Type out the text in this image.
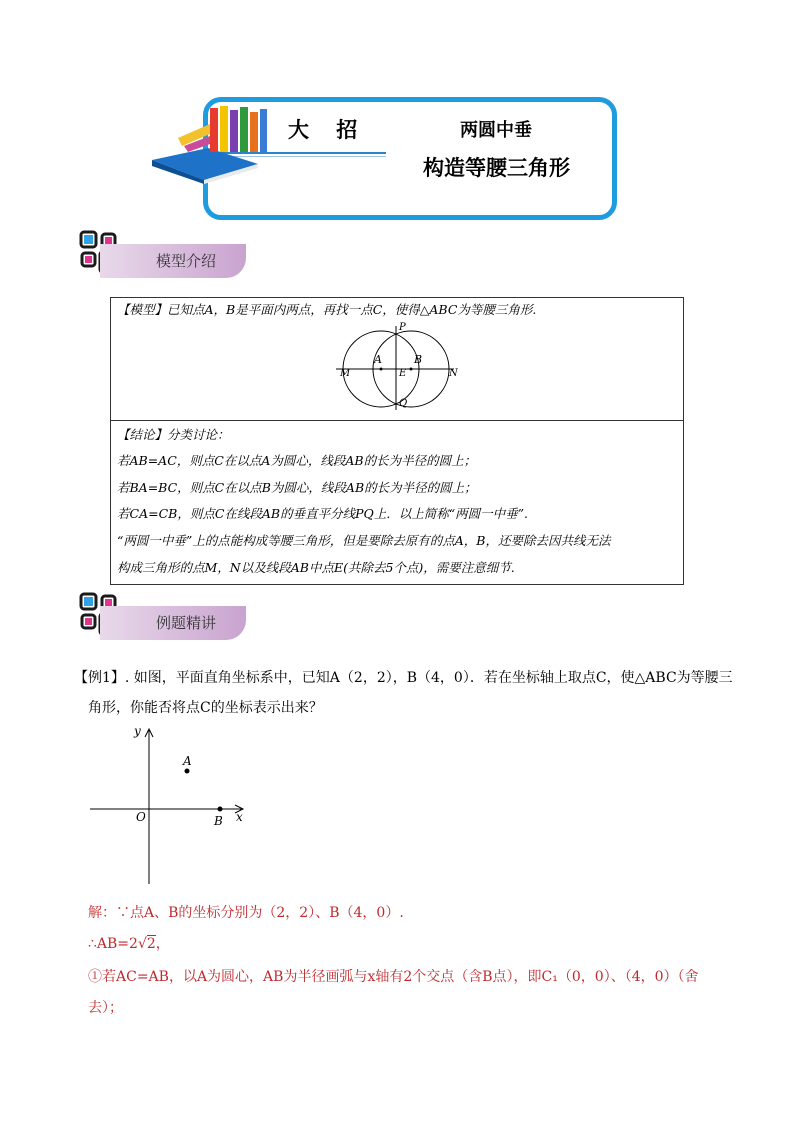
大 招	两圆中垂
构造等腰三角形
模型介绍
【模型】已知点A，B是平面内两点，再找一点C，使得△ABC为等腰三角形.
P
A	B
M	E	N
Q
【结论】分类讨论：
若AB=AC，则点C在以点A为圆心，线段AB的长为半径的圆上；
若BA=BC，则点C在以点B为圆心，线段AB的长为半径的圆上；
若CA=CB，则点C在线段AB的垂直平分线PQ上．以上简称“两圆一中垂”.
“两圆一中垂”上的点能构成等腰三角形，但是要除去原有的点A，B，还要除去因共线无法
构成三角形的点M，N以及线段AB中点E(共除去5个点)，需要注意细节.
例题精讲
【例1】. 如图，平面直角坐标系中，已知A（2，2），B（4，0）．若在坐标轴上取点C，使△ABC为等腰三
角形，你能否将点C的坐标表示出来？
y
x
O
A
B
解：∵点A、B的坐标分别为（2，2）、B（4，0）.
∴AB=2√2，
①若AC=AB，以A为圆心，AB为半径画弧与x轴有2个交点（含B点），即C₁（0，0）、（4，0）（舍
去）；
